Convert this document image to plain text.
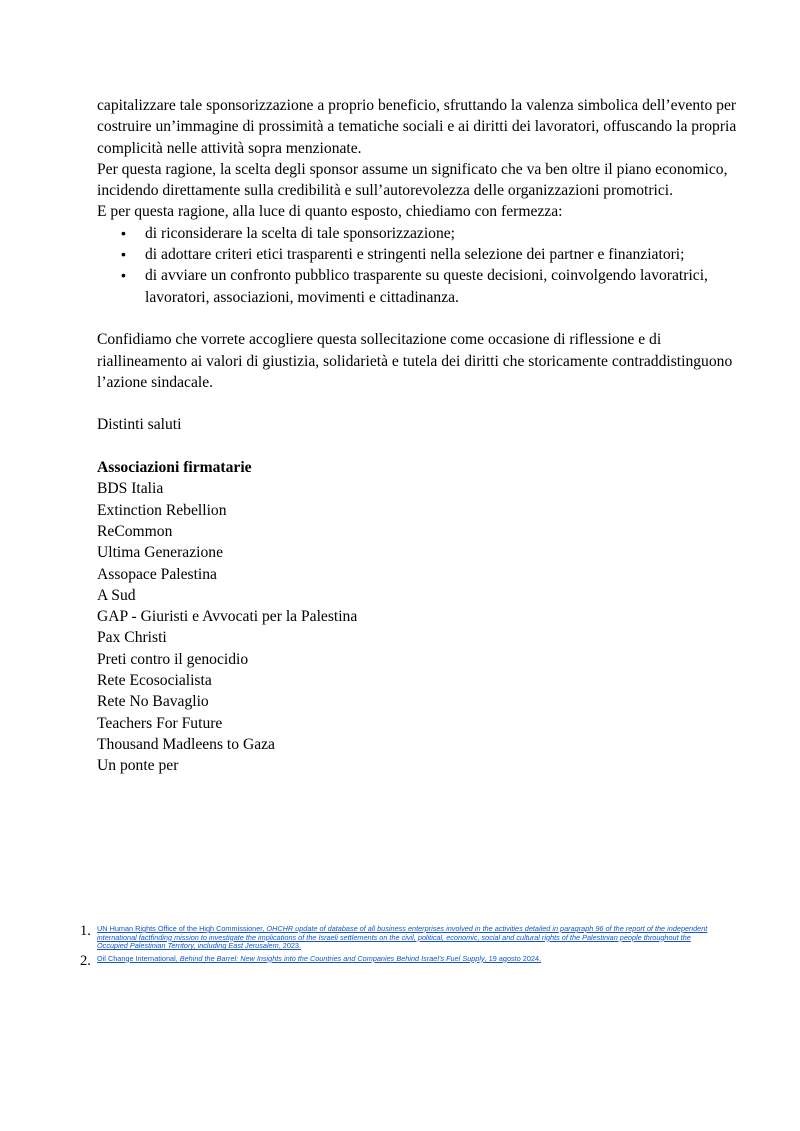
capitalizzare tale sponsorizzazione a proprio beneficio, sfruttando la valenza simbolica dell’evento per costruire un’immagine di prossimità a tematiche sociali e ai diritti dei lavoratori, offuscando la propria complicità nelle attività sopra menzionate.

Per questa ragione, la scelta degli sponsor assume un significato che va ben oltre il piano economico, incidendo direttamente sulla credibilità e sull’autorevolezza delle organizzazioni promotrici.

E per questa ragione, alla luce di quanto esposto, chiediamo con fermezza:

• di riconsiderare la scelta di tale sponsorizzazione;
• di adottare criteri etici trasparenti e stringenti nella selezione dei partner e finanziatori;
• di avviare un confronto pubblico trasparente su queste decisioni, coinvolgendo lavoratrici, lavoratori, associazioni, movimenti e cittadinanza.

Confidiamo che vorrete accogliere questa sollecitazione come occasione di riflessione e di riallineamento ai valori di giustizia, solidarietà e tutela dei diritti che storicamente contraddistinguono l’azione sindacale.

Distinti saluti

Associazioni firmatarie

BDS Italia

Extinction Rebellion

ReCommon

Ultima Generazione

Assopace Palestina

A Sud

GAP - Giuristi e Avvocati per la Palestina

Pax Christi

Preti contro il genocidio

Rete Ecosocialista

Rete No Bavaglio

Teachers For Future

Thousand Madleens to Gaza

Un ponte per

1. UN Human Rights Office of the High Commissioner, OHCHR update of database of all business enterprises involved in the activities detailed in paragraph 96 of the report of the independent international factfinding mission to investigate the implications of the Israeli settlements on the civil, political, economic, social and cultural rights of the Palestinian people throughout the Occupied Palestinian Territory, including East Jerusalem, 2023.
2. Oil Change International, Behind the Barrel: New Insights into the Countries and Companies Behind Israel’s Fuel Supply, 19 agosto 2024.
